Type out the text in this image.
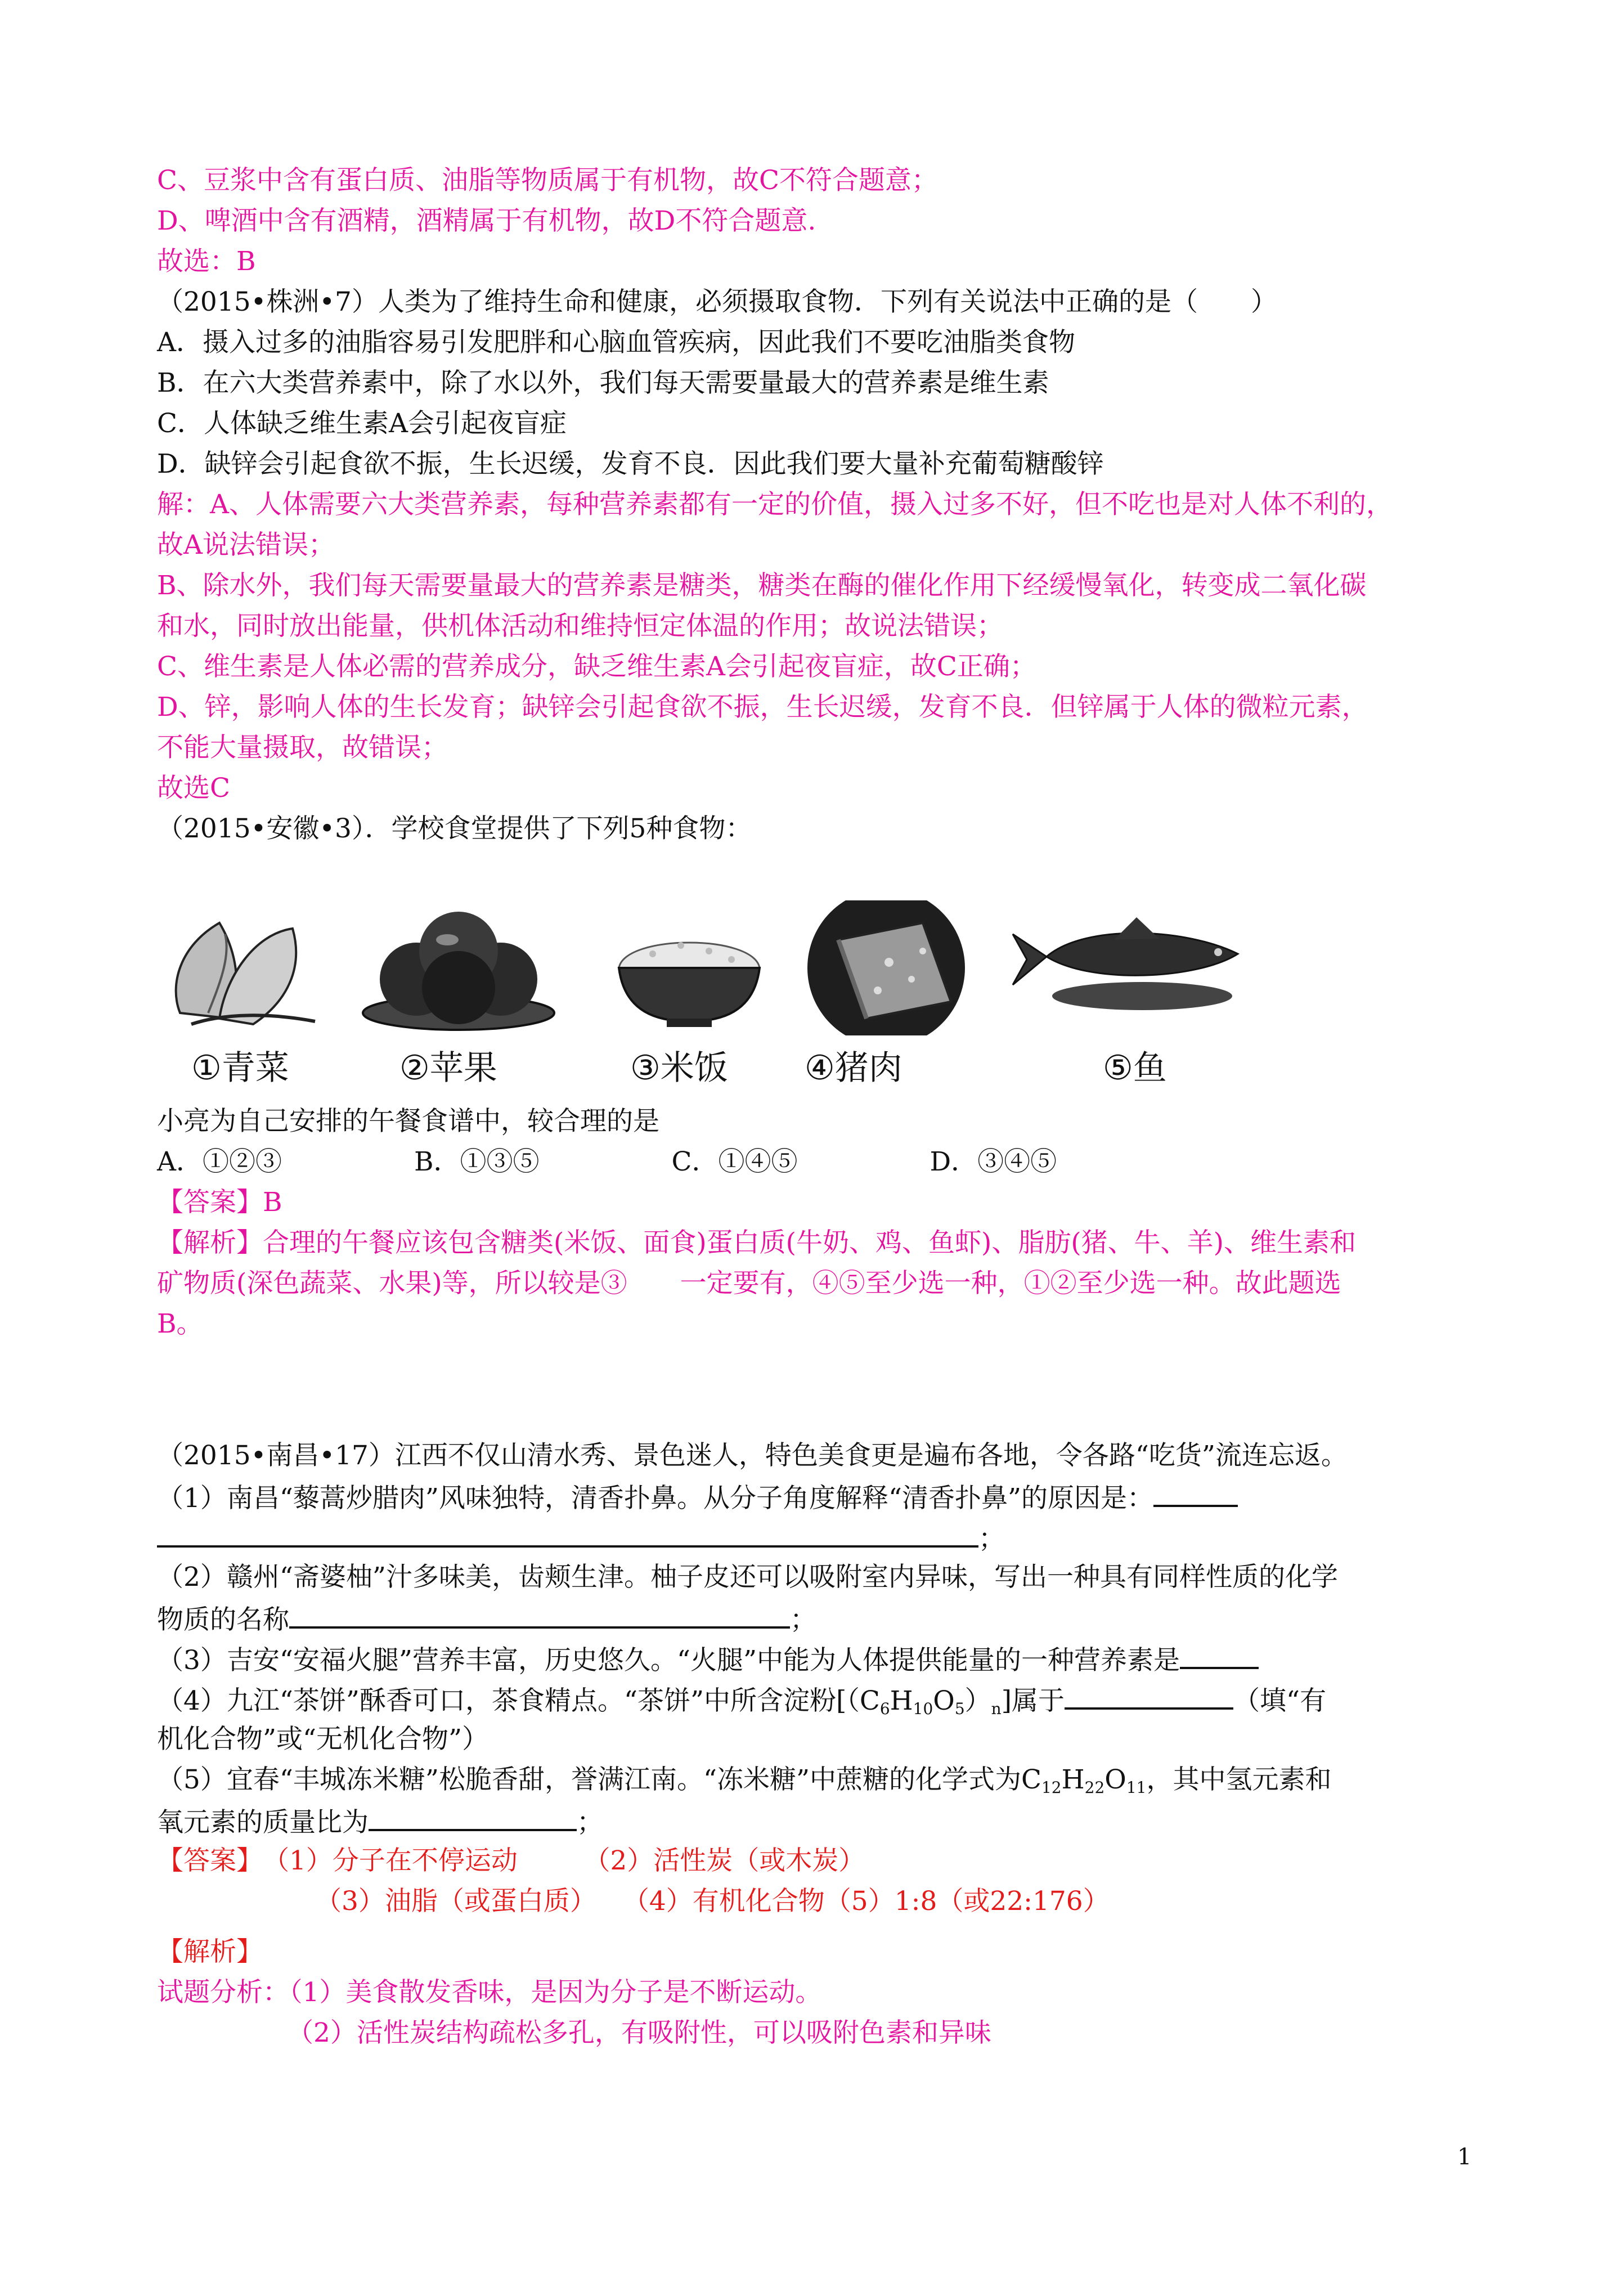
C、豆浆中含有蛋白质、油脂等物质属于有机物，故C不符合题意；
D、啤酒中含有酒精，酒精属于有机物，故D不符合题意.
故选：B
（2015•株洲•7）人类为了维持生命和健康，必须摄取食物．下列有关说法中正确的是（　　）
A．摄入过多的油脂容易引发肥胖和心脑血管疾病，因此我们不要吃油脂类食物
B．在六大类营养素中，除了水以外，我们每天需要量最大的营养素是维生素
C．人体缺乏维生素A会引起夜盲症
D．缺锌会引起食欲不振，生长迟缓，发育不良．因此我们要大量补充葡萄糖酸锌
解：A、人体需要六大类营养素，每种营养素都有一定的价值，摄入过多不好，但不吃也是对人体不利的，
故A说法错误；
B、除水外，我们每天需要量最大的营养素是糖类，糖类在酶的催化作用下经缓慢氧化，转变成二氧化碳
和水，同时放出能量，供机体活动和维持恒定体温的作用；故说法错误；
C、维生素是人体必需的营养成分，缺乏维生素A会引起夜盲症，故C正确；
D、锌，影响人体的生长发育；缺锌会引起食欲不振，生长迟缓，发育不良．但锌属于人体的微粒元素，
不能大量摄取，故错误；
故选C
（2015•安徽•3）．学校食堂提供了下列5种食物：
①青菜	②苹果	③米饭 ④猪肉	⑤鱼
小亮为自己安排的午餐食谱中，较合理的是
A．①②③　　　　　B．①③⑤　　　　　C．①④⑤　　　　　D．③④⑤
【答案】B
【解析】合理的午餐应该包含糖类(米饭、面食)蛋白质(牛奶、鸡、鱼虾)、脂肪(猪、牛、羊)、维生素和
矿物质(深色蔬菜、水果)等，所以较是③　　一定要有，④⑤至少选一种，①②至少选一种。故此题选
B。
（2015•南昌•17）江西不仅山清水秀、景色迷人，特色美食更是遍布各地，令各路“吃货”流连忘返。
（1）南昌“藜蒿炒腊肉”风味独特，清香扑鼻。从分子角度解释“清香扑鼻”的原因是：
；
（2）赣州“斋婆柚”汁多味美，齿颊生津。柚子皮还可以吸附室内异味，写出一种具有同样性质的化学
物质的名称	；
（3）吉安“安福火腿”营养丰富，历史悠久。“火腿”中能为人体提供能量的一种营养素是
（4）九江“茶饼”酥香可口，茶食精点。“茶饼”中所含淀粉$[(C_6H_{10}O_5)_n]$属于	（填“有
机化合物”或“无机化合物”）
（5）宜春“丰城冻米糖”松脆香甜，誉满江南。“冻米糖”中蔗糖的化学式为$C_{12}H_{22}O_{11}$，其中氢元素和
氧元素的质量比为	；
【答案】　（1）分子在不停运动　　　（2）活性炭（或木炭）
（3）油脂（或蛋白质）　　（4）有机化合物（5）1:8（或22:176）
【解析】
试题分析：（1）美食散发香味，是因为分子是不断运动。
（2）活性炭结构疏松多孔，有吸附性，可以吸附色素和异味
1
